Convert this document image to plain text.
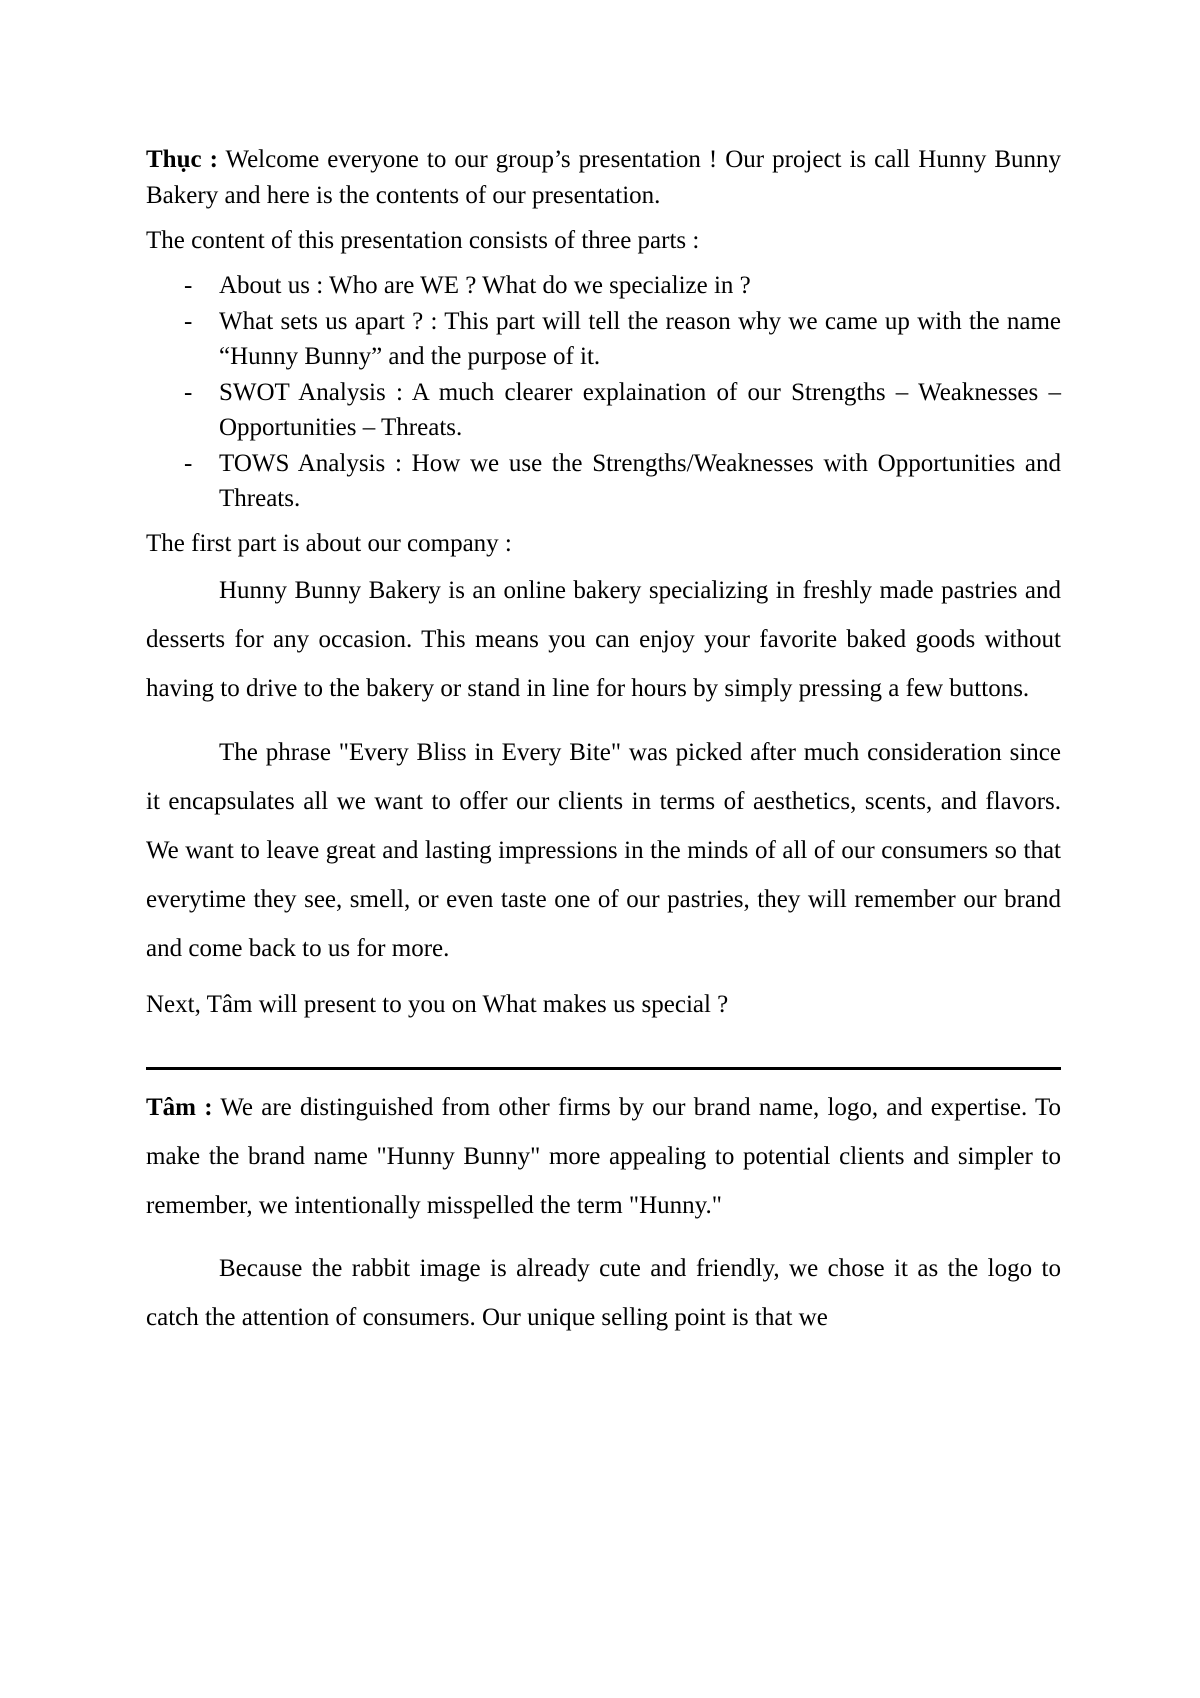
Thục : Welcome everyone to our group’s presentation ! Our project is call Hunny Bunny Bakery and here is the contents of our presentation.

The content of this presentation consists of three parts :

- About us : Who are WE ? What do we specialize in ?
- What sets us apart ? : This part will tell the reason why we came up with the name “Hunny Bunny” and the purpose of it.
- SWOT Analysis : A much clearer explaination of our Strengths – Weaknesses – Opportunities – Threats.
- TOWS Analysis : How we use the Strengths/Weaknesses with Opportunities and Threats.

The first part is about our company :

Hunny Bunny Bakery is an online bakery specializing in freshly made pastries and desserts for any occasion. This means you can enjoy your favorite baked goods without having to drive to the bakery or stand in line for hours by simply pressing a few buttons.

The phrase "Every Bliss in Every Bite" was picked after much consideration since it encapsulates all we want to offer our clients in terms of aesthetics, scents, and flavors. We want to leave great and lasting impressions in the minds of all of our consumers so that everytime they see, smell, or even taste one of our pastries, they will remember our brand and come back to us for more.

Next, Tâm will present to you on What makes us special ?

Tâm : We are distinguished from other firms by our brand name, logo, and expertise. To make the brand name "Hunny Bunny" more appealing to potential clients and simpler to remember, we intentionally misspelled the term "Hunny."

Because the rabbit image is already cute and friendly, we chose it as the logo to catch the attention of consumers. Our unique selling point is that we
